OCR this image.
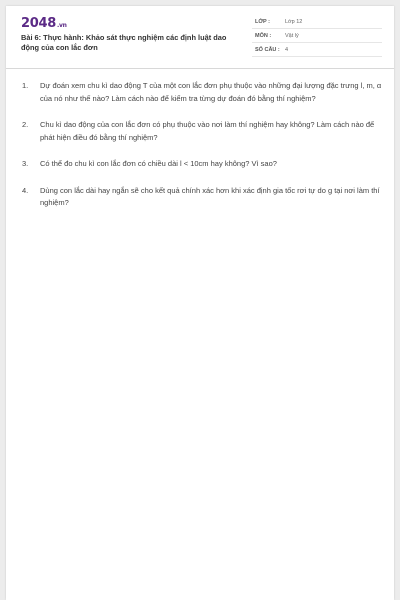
2048.vn
Bài 6: Thực hành: Khảo sát thực nghiệm các định luật dao động của con lắc đơn
LỚP :	Lớp 12
MÔN :	Vật lý
SỐ CÂU : 4
1. Dự đoán xem chu kì dao động T của một con lắc đơn phụ thuộc vào những đại lượng đặc trưng l, m, α của nó như thế nào? Làm cách nào để kiểm tra từng dự đoán đó bằng thí nghiệm?
2. Chu kì dao động của con lắc đơn có phụ thuộc vào nơi làm thí nghiệm hay không? Làm cách nào để phát hiện điều đó bằng thí nghiệm?
3. Có thể đo chu kì con lắc đơn có chiều dài l < 10cm hay không? Vì sao?
4. Dùng con lắc dài hay ngắn sẽ cho kết quả chính xác hơn khi xác định gia tốc rơi tự do g tại nơi làm thí nghiệm?
